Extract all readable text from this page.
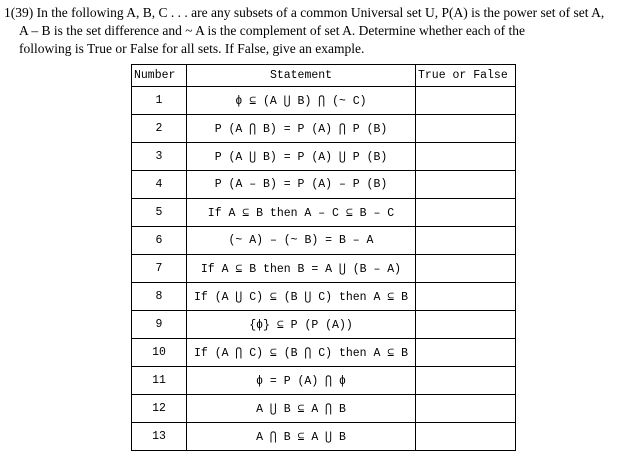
1(39) In the following A, B, C . . . are any subsets of a common Universal set U, P(A) is the power set of set A,
A – B is the set difference and ~ A is the complement of set A. Determine whether each of the
following is True or False for all sets. If False, give an example.
Number	Statement	True or False
1	ϕ ⊆ (A ⋃ B) ⋂ (~ C)	
2	P (A ⋂ B) = P (A) ⋂ P (B)	
3	P (A ⋃ B) = P (A) ⋃ P (B)	
4	P (A – B) = P (A) – P (B)	
5	If A ⊆ B then A – C ⊆ B – C	
6	(~ A) – (~ B) = B – A	
7	If A ⊆ B then B = A ⋃ (B – A)	
8	If (A ⋃ C) ⊆ (B ⋃ C) then A ⊆ B	
9	{ϕ} ⊆ P (P (A))	
10	If (A ⋂ C) ⊆ (B ⋂ C) then A ⊆ B	
11	ϕ = P (A) ⋂ ϕ	
12	A ⋃ B ⊆ A ⋂ B	
13	A ⋂ B ⊆ A ⋃ B	
